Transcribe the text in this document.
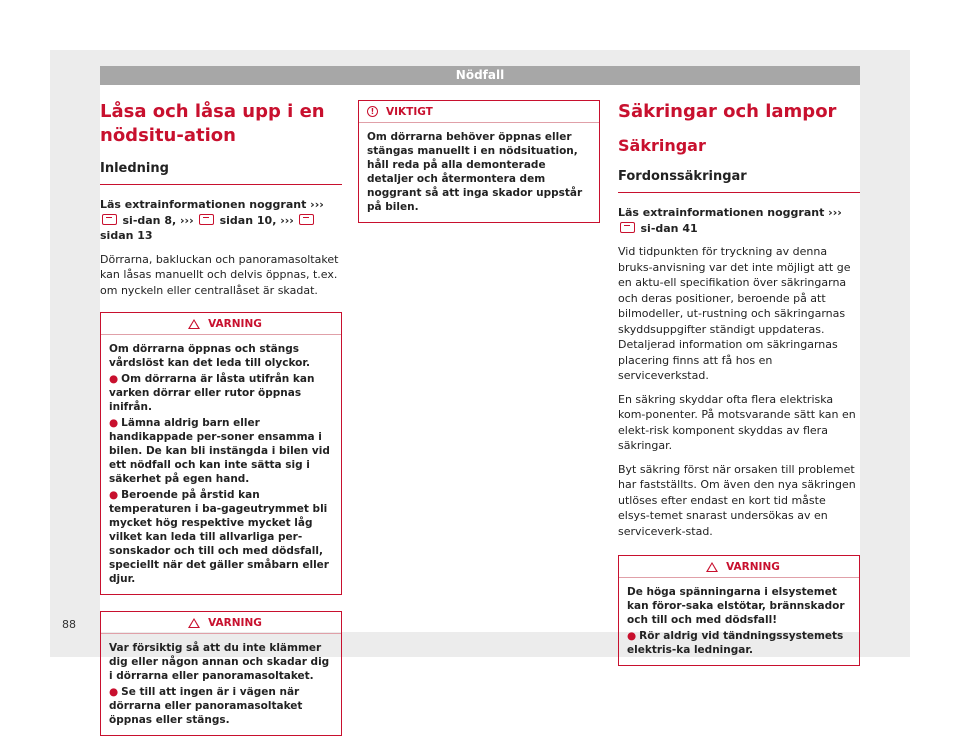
Nödfall
Låsa och låsa upp i en nödsitu-ation
Inledning
Läs extrainformationen noggrant ›››  si-dan 8, ››› sidan 10, ›››  sidan 13
Dörrarna, bakluckan och panoramasoltaket kan låsas manuellt och delvis öppnas, t.ex. om nyckeln eller centrallåset är skadat.
VARNING
Om dörrarna öppnas och stängs vårdslöst kan det leda till olyckor.
● Om dörrarna är låsta utifrån kan varken dörrar eller rutor öppnas inifrån.
● Lämna aldrig barn eller handikappade per-soner ensamma i bilen. De kan bli instängda i bilen vid ett nödfall och kan inte sätta sig i säkerhet på egen hand.
● Beroende på årstid kan temperaturen i ba-gageutrymmet bli mycket hög respektive mycket låg vilket kan leda till allvarliga per-sonskador och till och med dödsfall, speciellt när det gäller småbarn eller djur.
VARNING
Var försiktig så att du inte klämmer dig eller någon annan och skadar dig i dörrarna eller panoramasoltaket.
● Se till att ingen är i vägen när dörrarna eller panoramasoltaket öppnas eller stängs.
!	VIKTIGT
Om dörrarna behöver öppnas eller stängas manuellt i en nödsituation, håll reda på alla demonterade detaljer och återmontera dem noggrant så att inga skador uppstår på bilen.
Säkringar och lampor
Säkringar
Fordonssäkringar
Läs extrainformationen noggrant ›››  si-dan 41
Vid tidpunkten för tryckning av denna bruks-anvisning var det inte möjligt att ge en aktu-ell specifikation över säkringarna och deras positioner, beroende på att bilmodeller, ut-rustning och säkringarnas skyddsuppgifter ständigt uppdateras. Detaljerad information om säkringarnas placering finns att få hos en serviceverkstad.
En säkring skyddar ofta flera elektriska kom-ponenter. På motsvarande sätt kan en elekt-risk komponent skyddas av flera säkringar.
Byt säkring först när orsaken till problemet har fastställts. Om även den nya säkringen utlöses efter endast en kort tid måste elsys-temet snarast undersökas av en serviceverk-stad.
VARNING
De höga spänningarna i elsystemet kan föror-saka elstötar, brännskador och till och med dödsfall!
● Rör aldrig vid tändningssystemets elektris-ka ledningar.
88
